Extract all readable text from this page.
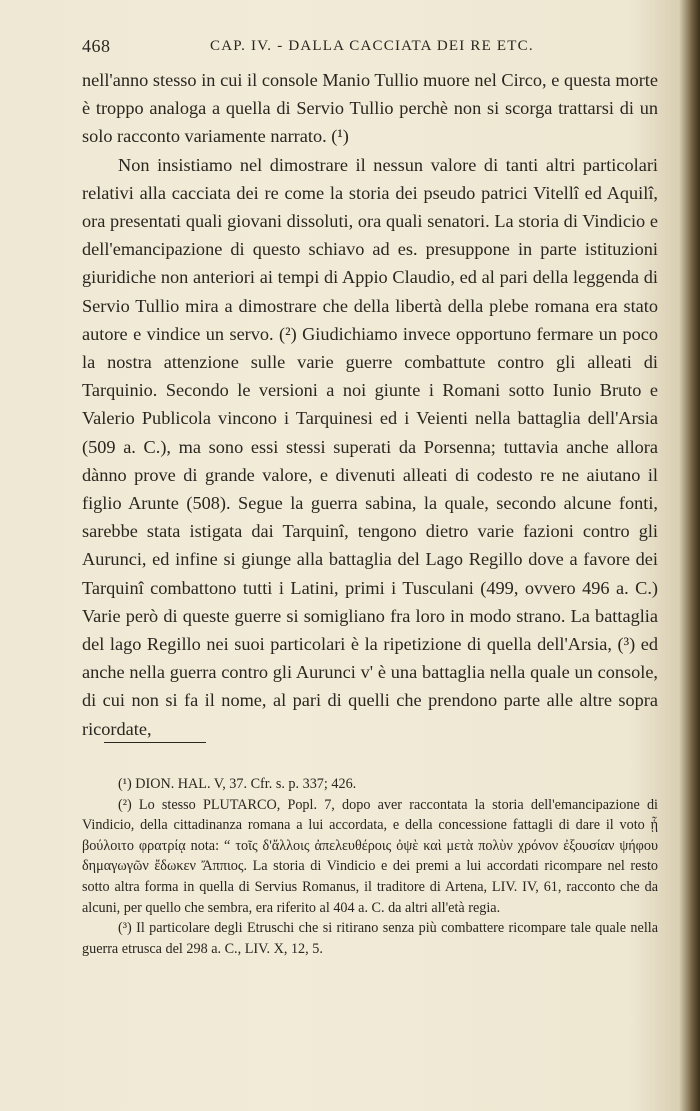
468	CAP. IV. - DALLA CACCIATA DEI RE ETC.

nell'anno stesso in cui il console Manio Tullio muore nel Circo, e questa morte è troppo analoga a quella di Servio Tullio perchè non si scorga trattarsi di un solo racconto variamente narrato. (¹)

Non insistiamo nel dimostrare il nessun valore di tanti altri particolari relativi alla cacciata dei re come la storia dei pseudo patrici Vitellî ed Aquilî, ora presentati quali giovani dissoluti, ora quali senatori. La storia di Vindicio e dell'emancipazione di questo schiavo ad es. presuppone in parte istituzioni giuridiche non anteriori ai tempi di Appio Claudio, ed al pari della leggenda di Servio Tullio mira a dimostrare che della libertà della plebe romana era stato autore e vindice un servo. (²) Giudichiamo invece opportuno fermare un poco la nostra attenzione sulle varie guerre combattute contro gli alleati di Tarquinio. Secondo le versioni a noi giunte i Romani sotto Iunio Bruto e Valerio Publicola vincono i Tarquinesi ed i Veienti nella battaglia dell'Arsia (509 a. C.), ma sono essi stessi superati da Porsenna; tuttavia anche allora dànno prove di grande valore, e divenuti alleati di codesto re ne aiutano il figlio Arunte (508). Segue la guerra sabina, la quale, secondo alcune fonti, sarebbe stata istigata dai Tarquinî, tengono dietro varie fazioni contro gli Aurunci, ed infine si giunge alla battaglia del Lago Regillo dove a favore dei Tarquinî combattono tutti i Latini, primi i Tusculani (499, ovvero 496 a. C.) Varie però di queste guerre si somigliano fra loro in modo strano. La battaglia del lago Regillo nei suoi particolari è la ripetizione di quella dell'Arsia, (³) ed anche nella guerra contro gli Aurunci v' è una battaglia nella quale un console, di cui non si fa il nome, al pari di quelli che prendono parte alle altre sopra ricordate,

(¹) DION. HAL. V, 37. Cfr. s. p. 337; 426.

(²) Lo stesso PLUTARCO, Popl. 7, dopo aver raccontata la storia dell'emancipazione di Vindicio, della cittadinanza romana a lui accordata, e della concessione fattagli di dare il voto ᾗ βούλοιτο φρατρίᾳ nota: “ τοῖς δ'ἄλλοις ἀπελευθέροις ὀψὲ καὶ μετὰ πολὺν χρόνον ἐξουσίαν ψήφου δημαγωγῶν ἔδωκεν Ἄππιος. La storia di Vindicio e dei premi a lui accordati ricompare nel resto sotto altra forma in quella di Servius Romanus, il traditore di Artena, LIV. IV, 61, racconto che da alcuni, per quello che sembra, era riferito al 404 a. C. da altri all'età regia.

(³) Il particolare degli Etruschi che si ritirano senza più combattere ricompare tale quale nella guerra etrusca del 298 a. C., LIV. X, 12, 5.
